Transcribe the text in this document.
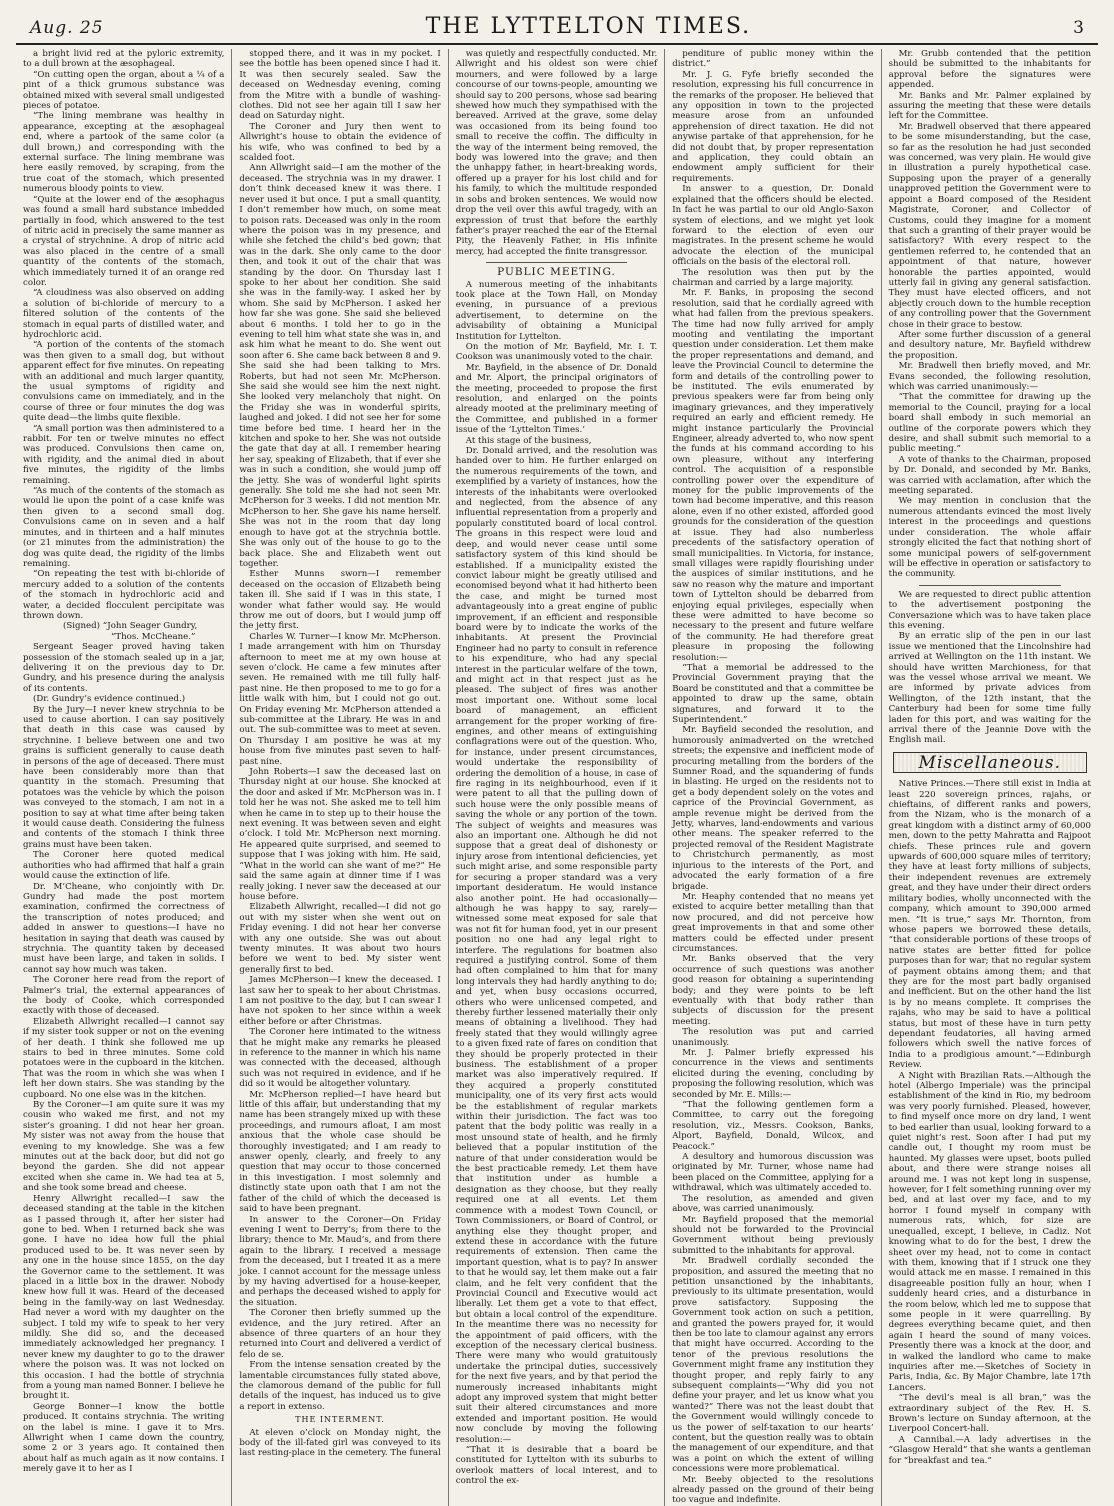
Aug. 25	THE LYTTELTON TIMES.	3

a bright livid red at the pyloric extremity, to a dull brown at the æsophageal.

“On cutting open the organ, about a ¼ of a pint of a thick grumous substance was obtained mixed with several small undigested pieces of potatoe.

“The lining membrane was healthy in appearance, excepting at the æsophageal end, where a partook of the same color (a dull brown,) and corresponding with the external surface. The lining membrane was here easily removed, by scraping, from the true coat of the stomach, which presented numerous bloody points to view.

“Quite at the lower end of the æsophagus was found a small hard substance imbedded partially in food, which answered to the test of nitric acid in precisely the same manner as a crystal of strychnine. A drop of nitric acid was also placed in the centre of a small quantity of the contents of the stomach, which immediately turned it of an orange red color.

“A cloudiness was also observed on adding a solution of bi-chloride of mercury to a filtered solution of the contents of the stomach in equal parts of distilled water, and hydrochloric acid.

“A portion of the contents of the stomach was then given to a small dog, but without apparent effect for five minutes. On repeating with an additional and much larger quantity, the usual symptoms of rigidity and convulsions came on immediately, and in the course of three or four minutes the dog was quite dead—the limbs quite flexible.

“A small portion was then administered to a rabbit. For ten or twelve minutes no effect was produced. Convulsions then came on, with rigidity, and the animal died in about five minutes, the rigidity of the limbs remaining.

“As much of the contents of the stomach as would lie upon the point of a case knife was then given to a second small dog. Convulsions came on in seven and a half minutes, and in thirteen and a half minutes (or 21 minutes from the administration) the dog was quite dead, the rigidity of the limbs remaining.

“On repeating the test with bi-chloride of mercury added to a solution of the contents of the stomach in hydrochloric acid and water, a decided flocculent percipitate was thrown down.

(Signed) “John Seager Gundry,

“Thos. McCheane.”

Sergeant Seager proved having taken possession of the stomach sealed up in a jar, delivering it on the previous day to Dr. Gundry, and his presence during the analysis of its contents.

(Dr. Gundry’s evidence continued.)

By the Jury—I never knew strychnia to be used to cause abortion. I can say positively that death in this case was caused by strychnine. I believe between one and two grains is sufficient generally to cause death in persons of the age of deceased. There must have been considerably more than that quantity in the stomach. Presuming that potatoes was the vehicle by which the poison was conveyed to the stomach, I am not in a position to say at what time after being taken it would cause death. Considering the fulness and contents of the stomach I think three grains must have been taken.

The Coroner here quoted medical authorities who had affirmed that half a grain would cause the extinction of life.

Dr. M’Cheane, who conjointly with Dr. Gundry had made the post mortem examination, confirmed the correctness of the transcription of notes produced; and added in answer to questions—I have no hesitation in saying that death was caused by strychnia. The quantity taken by deceased must have been large, and taken in solids. I cannot say how much was taken.

The Coroner here read from the report of Palmer’s trial, the external appearances of the body of Cooke, which corresponded exactly with those of deceased.

Elizabeth Allwright recalled—I cannot say if my sister took supper or not on the evening of her death. I think she followed me up stairs to bed in three minutes. Some cold potatoes were in the cupboard in the kitchen. That was the room in which she was when I left her down stairs. She was standing by the cupboard. No one else was in the kitchen.

By the Coroner—I am quite sure it was my cousin who waked me first, and not my sister’s groaning. I did not hear her groan. My sister was not away from the house that evening to my knowledge. She was a few minutes out at the back door, but did not go beyond the garden. She did not appear excited when she came in. We had tea at 5, and she took some bread and cheese.

Henry Allwright recalled—I saw the deceased standing at the table in the kitchen as I passed through it, after her sister had gone to bed. When I returned back she was gone. I have no idea how full the phial produced used to be. It was never seen by any one in the house since 1855, on the day the Governor came to the settlement. It was placed in a little box in the drawer. Nobody knew how full it was. Heard of the deceased being in the family-way on last Wednesday. Had never a word with my daughter on the subject. I told my wife to speak to her very mildly. She did so, and the deceased immediately acknowledged her pregnancy. I never knew my daughter to go to the drawer where the poison was. It was not locked on this occasion. I had the bottle of strychnia from a young man named Bonner. I believe he brought it.

George Bonner—I know the bottle produced. It contains strychnia. The writing on the label is mine. I gave it to Mrs. Allwright when I came down the country, some 2 or 3 years ago. It contained then about half as much again as it now contains. I merely gave it to her as I

stopped there, and it was in my pocket. I see the bottle has been opened since I had it. It was then securely sealed. Saw the deceased on Wednesday evening, coming from the Mitre with a bundle of washing-clothes. Did not see her again till I saw her dead on Saturday night.

The Coroner and Jury then went to Allwright’s house to obtain the evidence of his wife, who was confined to bed by a scalded foot.

Ann Allwright said—I am the mother of the deceased. The strychnia was in my drawer. I don’t think deceased knew it was there. I never used it but once. I put a small quantity, I don’t remember how much, on some meat to poison rats. Deceased was only in the room where the poison was in my presence, and while she fetched the child’s bed gown; that was in the dark. She only came to the door then, and took it out of the chair that was standing by the door. On Thursday last I spoke to her about her condition. She said she was in the family-way. I asked her by whom. She said by McPherson. I asked her how far she was gone. She said she believed about 6 months. I told her to go in the evening to tell him what state she was in, and ask him what he meant to do. She went out soon after 6. She came back between 8 and 9. She said she had been talking to Mrs. Roberts, but had not seen Mr. McPherson. She said she would see him the next night. She looked very melancholy that night. On the Friday she was in wonderful spirits, laughed and joked. I did not see her for some time before bed time. I heard her in the kitchen and spoke to her. She was not outside the gate that day at all. I remember hearing her say, speaking of Elizabeth, that if ever she was in such a condition, she would jump off the jetty. She was of wonderful light spirits generally. She told me she had not seen Mr. McPherson for 3 weeks. I did not mention Mr. McPherson to her. She gave his name herself. She was not in the room that day long enough to have got at the strychnia bottle. She was only out of the house to go to the back place. She and Elizabeth went out together.

Esther Munns sworn—I remember deceased on the occasion of Elizabeth being taken ill. She said if I was in this state, I wonder what father would say. He would throw me out of doors, but I would jump off the jetty first.

Charles W. Turner—I know Mr. McPherson. I made arrangement with him on Thursday afternoon to meet me at my own house at seven o’clock. He came a few minutes after seven. He remained with me till fully half-past nine. He then proposed to me to go for a little walk with him, but I could not go out. On Friday evening Mr. McPherson attended a sub-committee at the Library. He was in and out. The sub-committee was to meet at seven. On Thursday I am positive he was at my house from five minutes past seven to half-past nine.

John Roberts—I saw the deceased last on Thursday night at our house. She knocked at the door and asked if Mr. McPherson was in. I told her he was not. She asked me to tell him when he came in to step up to their house the next evening. It was between seven and eight o’clock. I told Mr. McPherson next morning. He appeared quite surprised, and seemed to suppose that I was joking with him. He said, “What in the world can she want of me?” He said the same again at dinner time if I was really joking. I never saw the deceased at our house before.

Elizabeth Allwright, recalled—I did not go out with my sister when she went out on Friday evening. I did not hear her converse with any one outside. She was out about twenty minutes. It was about two hours before we went to bed. My sister went generally first to bed.

James McPherson—I knew the deceased. I last saw her to speak to her about Christmas. I am not positive to the day, but I can swear I have not spoken to her since within a week either before or after Christmas.

The Coroner here intimated to the witness that he might make any remarks he pleased in reference to the manner in which his name was connected with the deceased, although such was not required in evidence, and if he did so it would be altogether voluntary.

Mr. McPherson replied—I have heard but little of this affair, but understanding that my name has been strangely mixed up with these proceedings, and rumours afloat, I am most anxious that the whole case should be thoroughly investigated; and I am ready to answer openly, clearly, and freely to any question that may occur to those concerned in this investigation. I most solemnly and distinctly state upon oath that I am not the father of the child of which the deceased is said to have been pregnant.

In answer to the Coroner—On Friday evening I went to Derry’s; from there to the library; thence to Mr. Maud’s, and from there again to the library. I received a message from the deceased, but I treated it as a mere joke. I cannot account for the message unless by my having advertised for a house-keeper, and perhaps the deceased wished to apply for the situation.

The Coroner then briefly summed up the evidence, and the jury retired. After an absence of three quarters of an hour they returned into Court and delivered a verdict of felo de se.

From the intense sensation created by the lamentable circumstances fully stated above, the clamorous demand of the public for full details of the inquest, has induced us to give a report in extenso.

THE INTERMENT.

At eleven o’clock on Monday night, the body of the ill-fated girl was conveyed to its last resting-place in the cemetery. The funeral

was quietly and respectfully conducted. Mr. Allwright and his oldest son were chief mourners, and were followed by a large concourse of our towns-people, amounting we should say to 200 persons, whose sad bearing shewed how much they sympathised with the bereaved. Arrived at the grave, some delay was occasioned from its being found too small to receive the coffin. The difficulty in the way of the interment being removed, the body was lowered into the grave; and then the unhappy father, in heart-breaking words, offered up a prayer for his lost child and for his family, to which the multitude responded in sobs and broken sentences. We would now drop the veil over this awful tragedy, with an expression of trust that before the earthly father’s prayer reached the ear of the Eternal Pity, the Heavenly Father, in His infinite mercy, had accepted the finite transgressor.

PUBLIC MEETING.

A numerous meeting of the inhabitants took place at the Town Hall, on Monday evening, in pursuance of a previous advertisement, to determine on the advisability of obtaining a Municipal Institution for Lyttelton.

On the motion of Mr. Bayfield, Mr. I. T. Cookson was unanimously voted to the chair.

Mr. Bayfield, in the absence of Dr. Donald and Mr. Alport, the principal originators of the meeting, proceeded to propose the first resolution, and enlarged on the points already mooted at the preliminary meeting of the Committee, and published in a former issue of the ‘Lyttelton Times.’

At this stage of the business,

Dr. Donald arrived, and the resolution was handed over to him. He further enlarged on the numerous requirements of the town, and exemplified by a variety of instances, how the interests of the inhabitants were overlooked and neglected, from the absence of any influential representation from a properly and popularly constituted board of local control. The groans in this respect were loud and deep, and would never cease until some satisfactory system of this kind should be established. If a municipality existed the convict labour might be greatly utilised and economised beyond what it had hitherto been the case, and might be turned most advantageously into a great engine of public improvement, if an efficient and responsible board were by to indicate the works of the inhabitants. At present the Provincial Engineer had no party to consult in reference to his expenditure, who had any special interest in the particular welfare of the town, and might act in that respect just as he pleased. The subject of fires was another most important one. Without some local board of management, an efficient arrangement for the proper working of fire-engines, and other means of extinguishing conflagrations were out of the question. Who, for instance, under present circumstances, would undertake the responsibility of ordering the demolition of a house, in case of fire raging in its neighbourhood, even if it were patent to all that the pulling down of such house were the only possible means of saving the whole or any portion of the town. The subject of weights and measures was also an important one. Although he did not suppose that a great deal of dishonesty or injury arose from intentional deficiencies, yet such might arise, and some responsible party for securing a proper standard was a very important desideratum. He would instance also another point. He had occasionally—although he was happy to say, rarely—witnessed some meat exposed for sale that was not fit for human food, yet in our present position no one had any legal right to interfere. The regulations for boatmen also required a justifying control. Some of them had often complained to him that for many long intervals they had hardly anything to do; and yet, when busy occasions occurred, others who were unlicensed competed, and thereby further lessened materially their only means of obtaining a livelihood. They had freely stated that they would willingly agree to a given fixed rate of fares on condition that they should be properly protected in their business. The establishment of a proper market was also imperatively required. If they acquired a properly constituted municipality, one of its very first acts would be the establishment of regular markets within their jurisdiction. The fact was too patent that the body politic was really in a most unsound state of health, and he firmly believed that a popular institution of the nature of that under consideration would be the best practicable remedy. Let them have that institution under as humble a designation as they choose, but they really required one at all events. Let them commence with a modest Town Council, or Town Commissioners, or Board of Control, or anything else they thought proper, and extend these in accordance with the future requirements of extension. Then came the important question, what is to pay? In answer to that he would say, let them make out a fair claim, and he felt very confident that the Provincial Council and Executive would act liberally. Let them get a vote to that effect, but obtain a local control of the expenditure. In the meantime there was no necessity for the appointment of paid officers, with the exception of the necessary clerical business. There were many who would gratuitously undertake the principal duties, successively for the next five years, and by that period the numerously increased inhabitants might adopt any improved system that might better suit their altered circumstances and more extended and important position. He would now conclude by moving the following resolution:—

“That it is desirable that a board be constituted for Lyttelton with its suburbs to overlook matters of local interest, and to control the ex-

penditure of public money within the district.”

Mr. J. G. Fyfe briefly seconded the resolution, expressing his full concurrence in the remarks of the proposer. He believed that any opposition in town to the projected measure arose from an unfounded apprehension of direct taxation. He did not anywise partake of that apprehension, for he did not doubt that, by proper representation and application, they could obtain an endowment amply sufficient for their requirements.

In answer to a question, Dr. Donald explained that the officers should be elected. In fact he was partial to our old Anglo-Saxon system of elections, and we might yet look forward to the election of even our magistrates. In the present scheme he would advocate the election of the municipal officials on the basis of the electoral roll.

The resolution was then put by the chairman and carried by a large majority.

Mr. F. Banks, in proposing the second resolution, said that he cordially agreed with what had fallen from the previous speakers. The time had now fully arrived for amply mooting and ventilating the important question under consideration. Let them make the proper representations and demand, and leave the Provincial Council to determine the form and details of the controlling power to be instituted. The evils enumerated by previous speakers were far from being only imaginary grievances, and they imperatively required an early and efficient remedy. He might instance particularly the Provincial Engineer, already adverted to, who now spent the funds at his command according to his own pleasure, without any interfering control. The acquisition of a responsible controlling power over the expenditure of money for the public improvements of the town had become imperative, and this reason alone, even if no other existed, afforded good grounds for the consideration of the question at issue. They had also numberless precedents of the satisfactory operation of small municipalities. In Victoria, for instance, small villages were rapidly flourishing under the auspices of similar institutions, and he saw no reason why the mature and important town of Lyttelton should be debarred from enjoying equal privileges, especially when these were admitted to have become so necessary to the present and future welfare of the community. He had therefore great pleasure in proposing the following resolution:—

“That a memorial be addressed to the Provincial Government praying that the Board be constituted and that a committee be appointed to draw up the same, obtain signatures, and forward it to the Superintendent.”

Mr. Bayfield seconded the resolution, and humorously animadverted on the wretched streets; the expensive and inefficient mode of procuring metalling from the borders of the Sumner Road, and the squandering of funds in blasting. He urged on the residents not to get a body dependent solely on the votes and caprice of the Provincial Government, as ample revenue might be derived from the Jetty, wharves, land-endowments and various other means. The speaker referred to the projected removal of the Resident Magistrate to Christchurch permanently, as most injurious to the interests of the Port, and advocated the early formation of a fire brigade.

Mr. Heaphy contended that no means yet existed to acquire better metalling than that now procured, and did not perceive how great improvements in that and some other matters could be effected under present circumstances.

Mr. Banks observed that the very occurrence of such questions was another good reason for obtaining a superintending body; and they were points to be left eventually with that body rather than subjects of discussion for the present meeting.

The resolution was put and carried unanimously.

Mr. J. Palmer briefly expressed his concurrence in the views and sentiments elicited during the evening, concluding by proposing the following resolution, which was seconded by Mr. E. Mills:—

“That the following gentlemen form a Committee, to carry out the foregoing resolution, viz., Messrs. Cookson, Banks, Alport, Bayfield, Donald, Wilcox, and Peacock.”

A desultory and humorous discussion was originated by Mr. Turner, whose name had been placed on the Committee, applying for a withdrawal, which was ultimately acceded to.

The resolution, as amended and given above, was carried unanimously.

Mr. Bayfield proposed that the memorial should not be forwarded to the Provincial Government without being previously submitted to the inhabitants for approval.

Mr. Bradwell cordially seconded the proposition, and assured the meeting that no petition unsanctioned by the inhabitants, previously to its ultimate presentation, would prove satisfactory. Supposing the Government took action on such a petition, and granted the powers prayed for, it would then be too late to clamour against any errors that might have occurred. According to the tenor of the previous resolutions the Government might frame any institution they thought proper, and reply fairly to any subsequent complaints—“Why did you not define your prayer, and let us know what you wanted?” There was not the least doubt that the Government would willingly concede to us the power of self-taxation to our hearts’ content, but the question really was to obtain the management of our expenditure, and that was a point on which the extent of willing concessions were more problematical.

Mr. Beeby objected to the resolutions already passed on the ground of their being too vague and indefinite.

Mr. Grubb contended that the petition should be submitted to the inhabitants for approval before the signatures were appended.

Mr. Banks and Mr. Palmer explained by assuring the meeting that these were details left for the Committee.

Mr. Bradwell observed that there appeared to be some misunderstanding, but the case, so far as the resolution he had just seconded was concerned, was very plain. He would give in illustration a purely hypothetical case. Supposing upon the prayer of a generally unapproved petition the Government were to appoint a Board composed of the Resident Magistrate, Coroner, and Collector of Customs, could they imagine for a moment that such a granting of their prayer would be satisfactory? With every respect to the gentlemen referred to, he contended that an appointment of that nature, however honorable the parties appointed, would utterly fail in giving any general satisfaction. They must have elected officers, and not abjectly crouch down to the humble reception of any controlling power that the Government chose in their grace to bestow.

After some further discussion of a general and desultory nature, Mr. Bayfield withdrew the proposition.

Mr. Bradwell then briefly moved, and Mr. Evans seconded, the following resolution, which was carried unanimously:—

“That the committee for drawing up the memorial to the Council, praying for a local board shall embody in such memorial an outline of the corporate powers which they desire, and shall submit such memorial to a public meeting.”

A vote of thanks to the Chairman, proposed by Dr. Donald, and seconded by Mr. Banks, was carried with acclamation, after which the meeting separated.

We may mention in conclusion that the numerous attendants evinced the most lively interest in the proceedings and questions under consideration. The whole affair strongly elicited the fact that nothing short of some municipal powers of self-government will be effective in operation or satisfactory to the community.

We are requested to direct public attention to the advertisement postponing the Conversazione which was to have taken place this evening.

By an erratic slip of the pen in our last issue we mentioned that the Lincolnshire had arrived at Wellington on the 11th instant. We should have written Marchioness, for that was the vessel whose arrival we meant. We are informed by private advices from Wellington, of the 12th instant, that the Canterbury had been for some time fully laden for this port, and was waiting for the arrival there of the Jeannie Dove with the English mail.

Miscellaneous.

Native Princes.—There still exist in India at least 220 sovereign princes, rajahs, or chieftains, of different ranks and powers, from the Nizam, who is the monarch of a great kingdom with a distinct army of 60,000 men, down to the petty Mahratta and Rajpoot chiefs. These princes rule and govern upwards of 600,000 square miles of territory; they have at least forty millions of subjects, their independent revenues are extremely great, and they have under their direct orders military bodies, wholly unconnected with the company, which amount to 390,000 armed men. “It is true,” says Mr. Thornton, from whose papers we borrowed these details, “that considerable portions of these troops of native states are better fitted for police purposes than for war; that no regular system of payment obtains among them; and that they are for the most part badly organised and inefficient. But on the other hand the list is by no means complete. It comprises the rajahs, who may be said to have a political status, but most of these have in turn petty dependant feudatories, all having armed followers which swell the native forces of India to a prodigious amount.”—Edinburgh Review.

A Night with Brazilian Rats.—Although the hotel (Albergo Imperiale) was the principal establishment of the kind in Rio, my bedroom was very poorly furnished. Pleased, however, to find myself once more on dry land, I went to bed earlier than usual, looking forward to a quiet night’s rest. Soon after I had put my candle out, I thought my room must be haunted. My glasses were upset, boots pulled about, and there were strange noises all around me. I was not kept long in suspense, however, for I felt something running over my bed, and at last over my face, and to my horror I found myself in company with numerous rats, which, for size are unequalled, except, I believe, in Cadiz. Not knowing what to do for the best, I drew the sheet over my head, not to come in contact with them, knowing that if I struck one they would attack me en masse. I remained in this disagreeable position fully an hour, when I suddenly heard cries, and a disturbance in the room below, which led me to suppose that some people in it were quarrelling. By degrees everything became quiet, and then again I heard the sound of many voices. Presently there was a knock at the door, and in walked the landlord who came to make inquiries after me.—Sketches of Society in Paris, India, &c. By Major Chambre, late 17th Lancers.

“The devil’s meal is all bran,” was the extraordinary subject of the Rev. H. S. Brown’s lecture on Sunday afternoon, at the Liverpool Concert-hall.

A Cannibal.—A lady advertises in the “Glasgow Herald” that she wants a gentleman for “breakfast and tea.”
